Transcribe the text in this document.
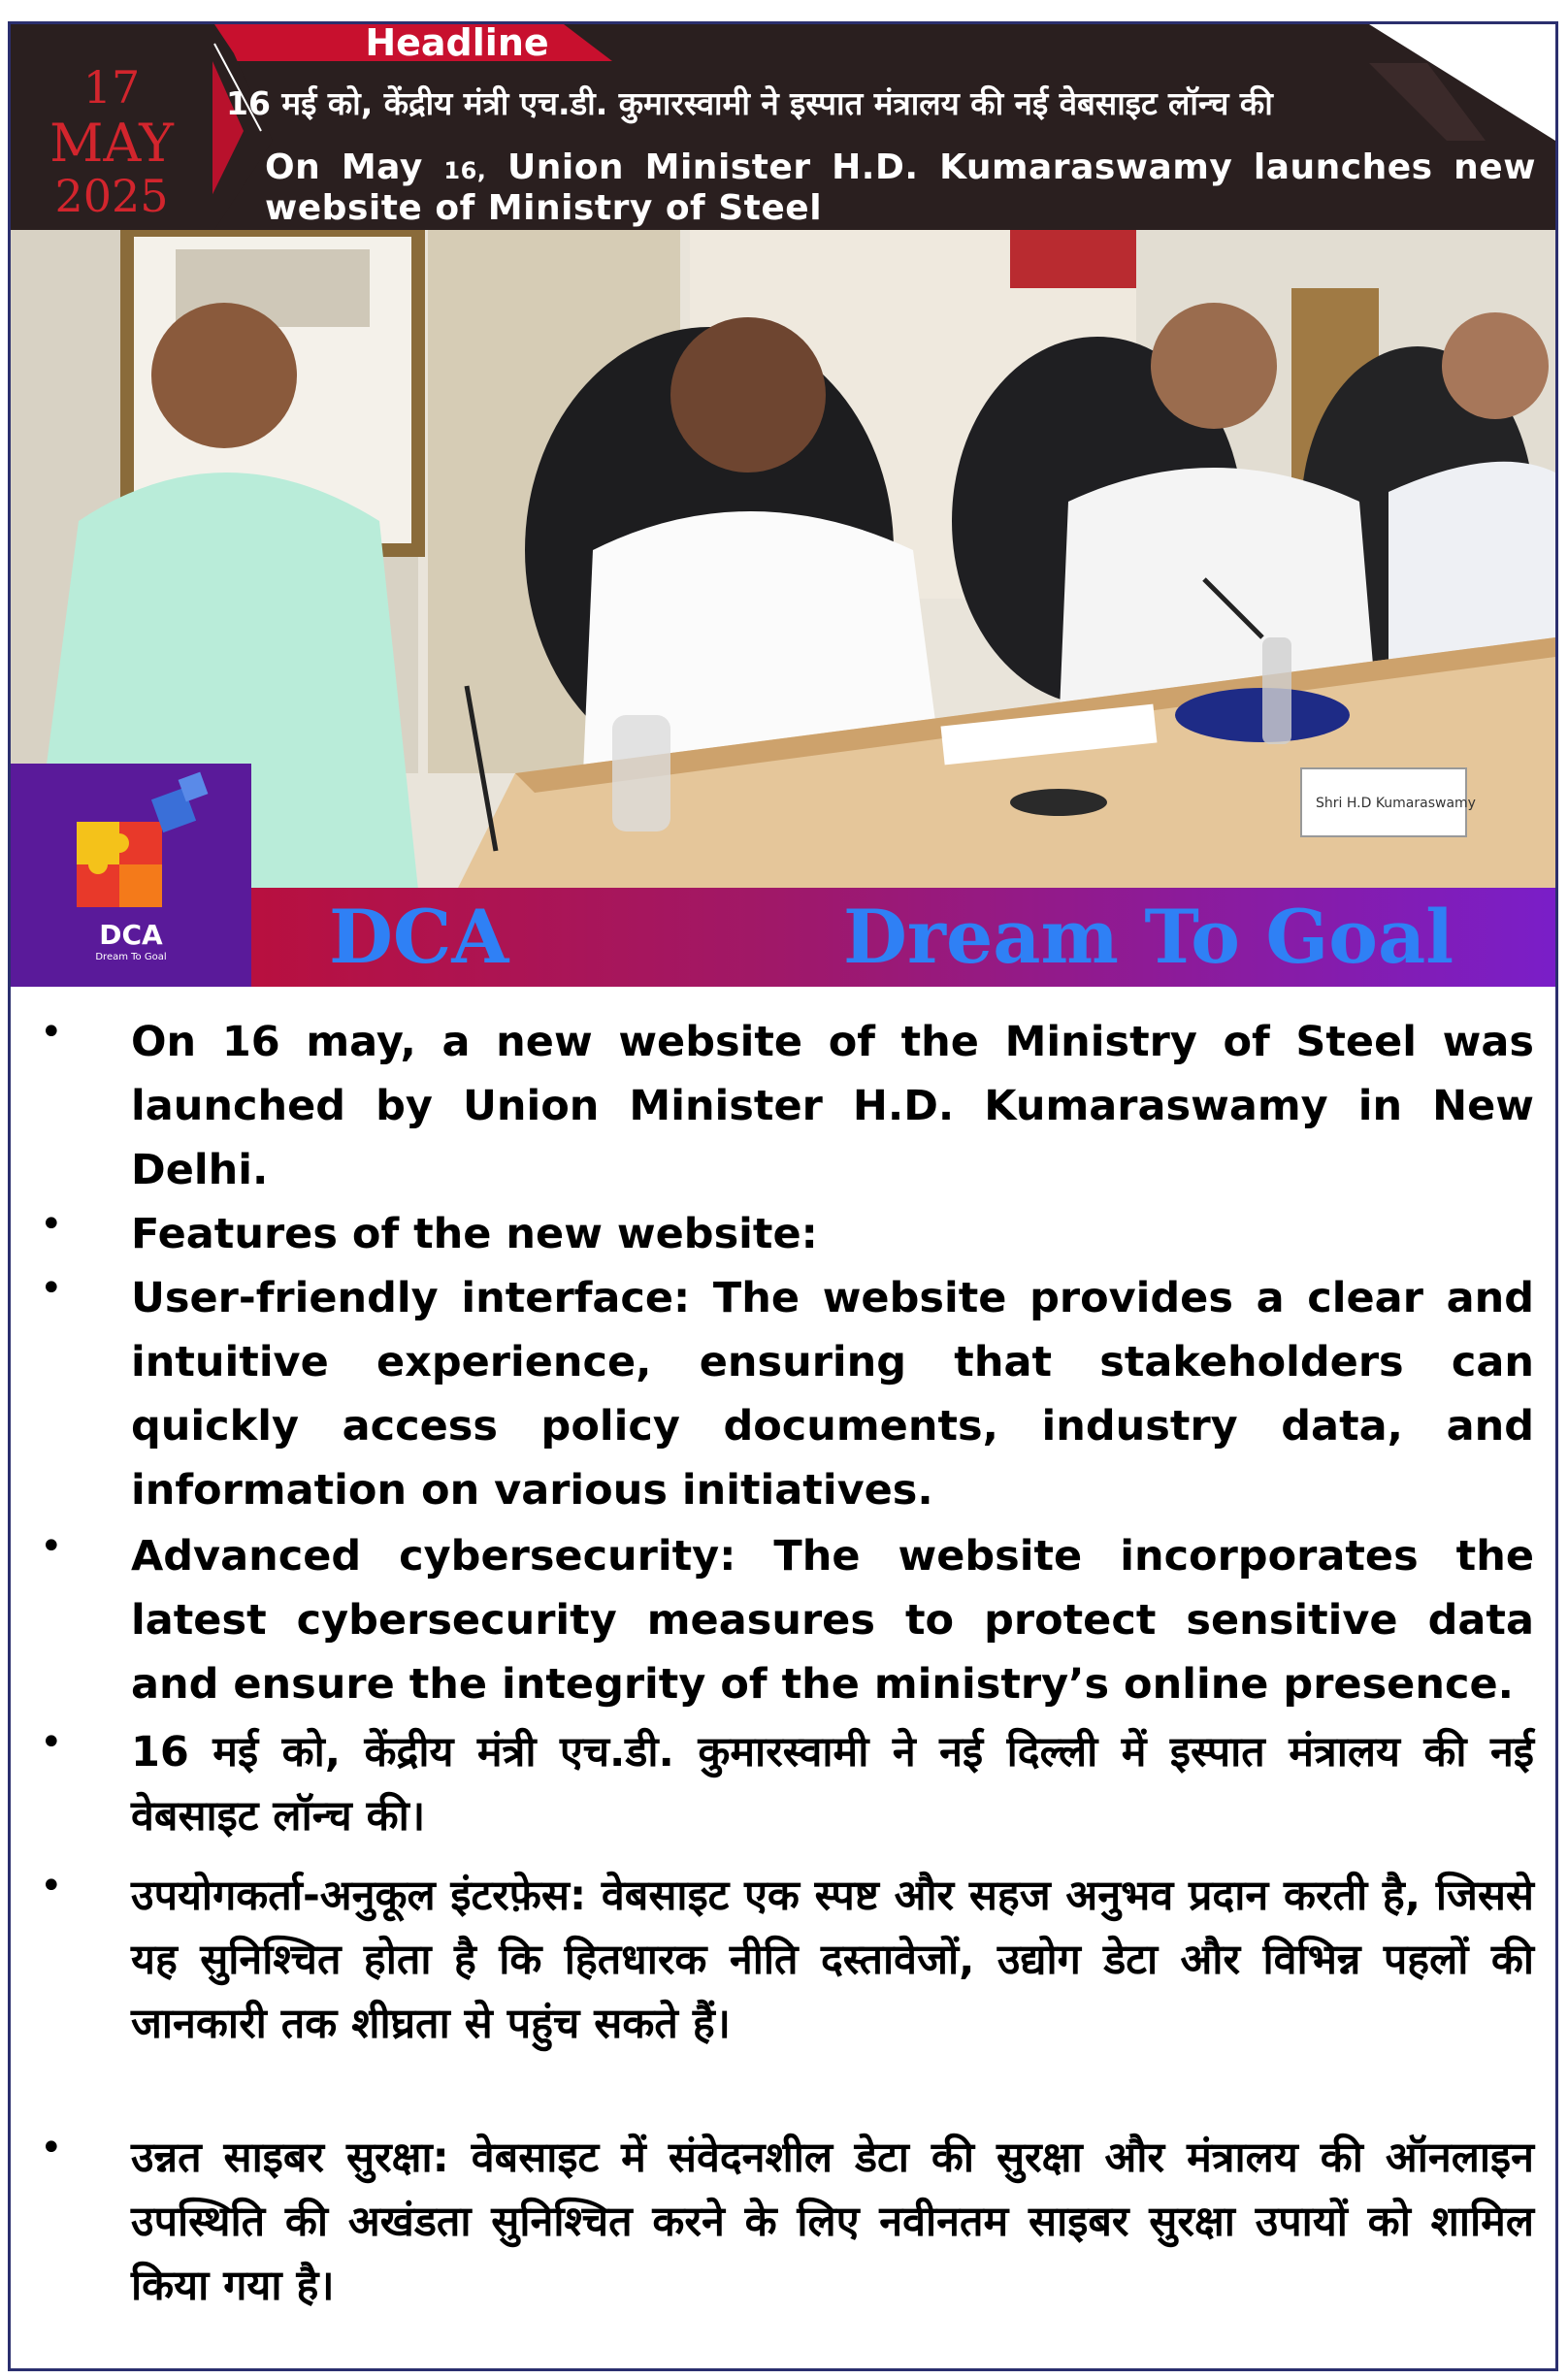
17
MAY
2025
Headline
16 मई को, केंद्रीय मंत्री एच.डी. कुमारस्वामी ने इस्पात मंत्रालय की नई वेबसाइट लॉन्च की
On May 16, Union Minister H.D. Kumaraswamy launches new
website of Ministry of Steel
Shri H.D Kumaraswamy
DCA
Dream To Goal	DCA	Dream To Goal
•	On 16 may, a new website of the Ministry of Steel was launched by Union Minister H.D. Kumaraswamy in New Delhi.
•	Features of the new website:
•	User-friendly interface: The website provides a clear and intuitive experience, ensuring that stakeholders can quickly access policy documents, industry data, and information on various initiatives.
•	Advanced cybersecurity: The website incorporates the latest cybersecurity measures to protect sensitive data and ensure the integrity of the ministry’s online presence.
•	16 मई को, केंद्रीय मंत्री एच.डी. कुमारस्वामी ने नई दिल्ली में इस्पात मंत्रालय की नई वेबसाइट लॉन्च की।
•	उपयोगकर्ता-अनुकूल इंटरफ़ेस: वेबसाइट एक स्पष्ट और सहज अनुभव प्रदान करती है, जिससे यह सुनिश्चित होता है कि हितधारक नीति दस्तावेजों, उद्योग डेटा और विभिन्न पहलों की जानकारी तक शीघ्रता से पहुंच सकते हैं।
•	उन्नत साइबर सुरक्षा: वेबसाइट में संवेदनशील डेटा की सुरक्षा और मंत्रालय की ऑनलाइन उपस्थिति की अखंडता सुनिश्चित करने के लिए नवीनतम साइबर सुरक्षा उपायों को शामिल किया गया है।
